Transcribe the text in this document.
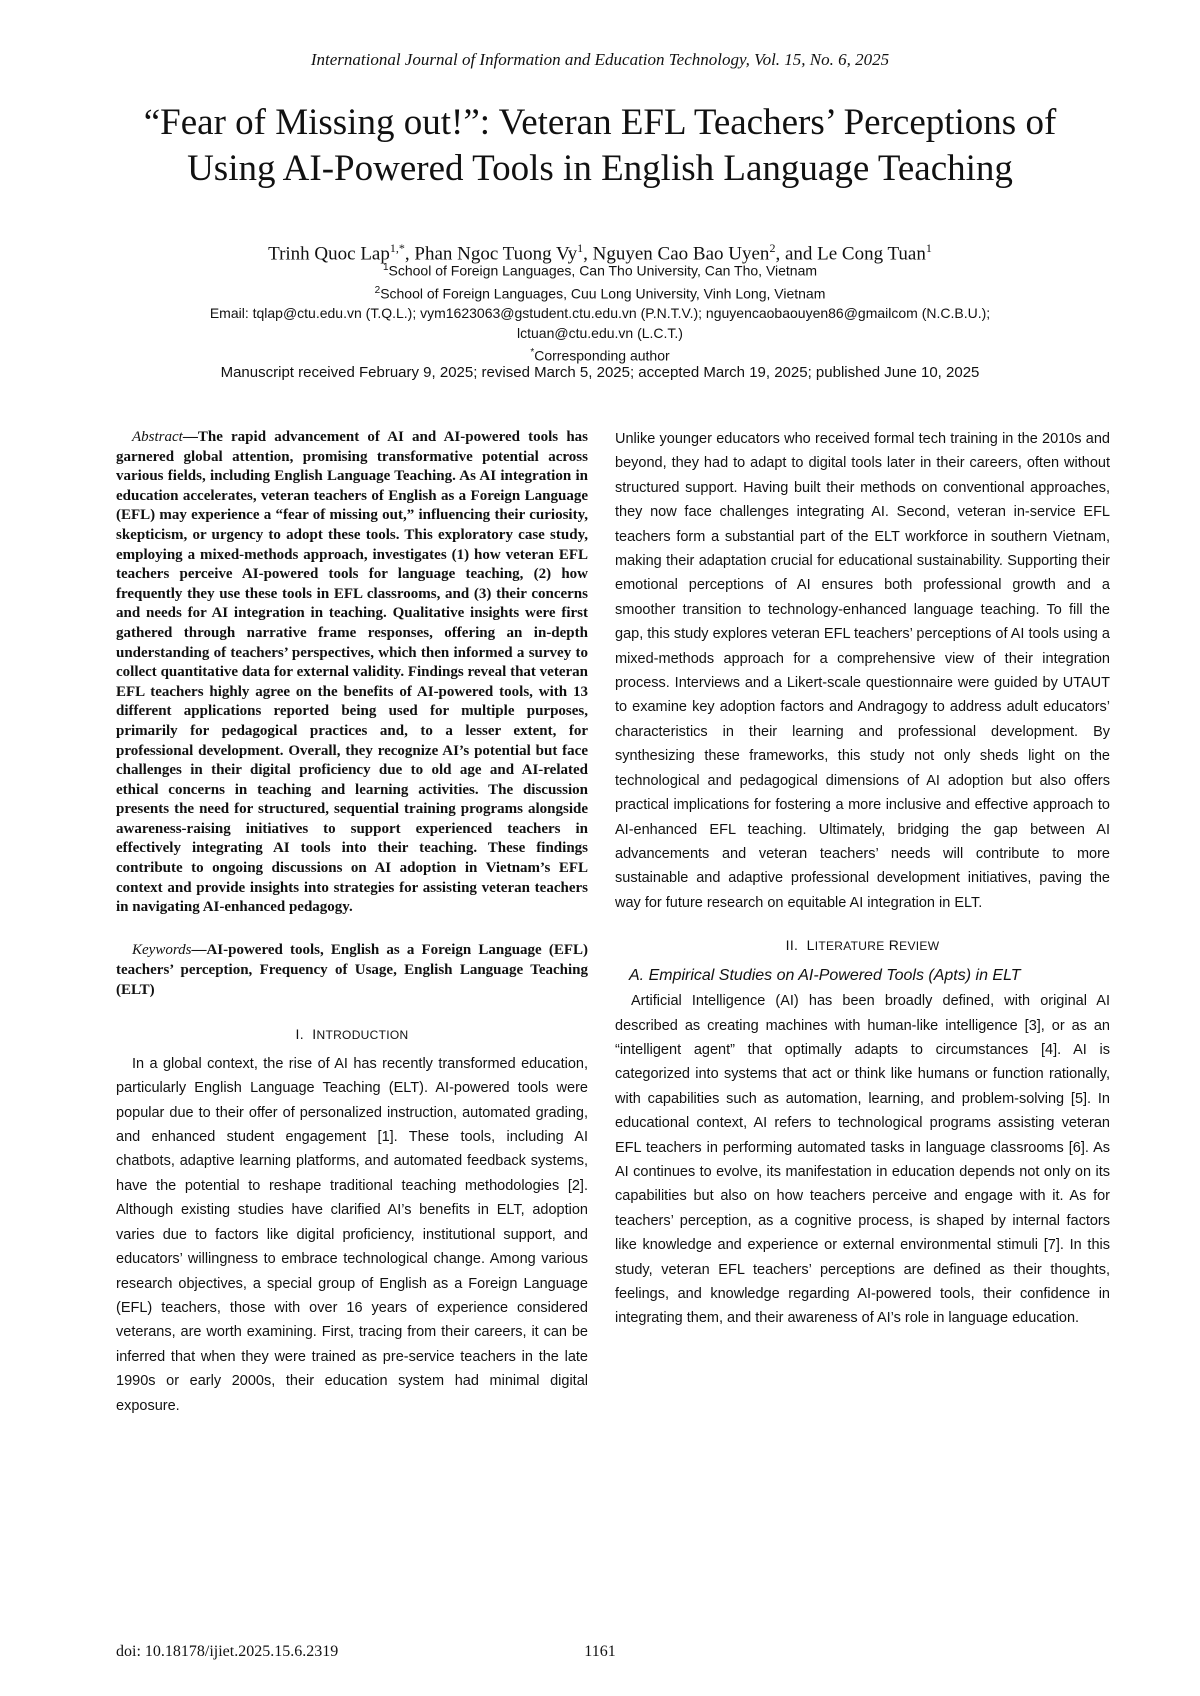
International Journal of Information and Education Technology, Vol. 15, No. 6, 2025
“Fear of Missing out!”: Veteran EFL Teachers’ Perceptions of
Using AI-Powered Tools in English Language Teaching
Trinh Quoc Lap$^{1,*}$, Phan Ngoc Tuong Vy$^1$, Nguyen Cao Bao Uyen$^2$, and Le Cong Tuan$^1$
$^1$School of Foreign Languages, Can Tho University, Can Tho, Vietnam
$^2$School of Foreign Languages, Cuu Long University, Vinh Long, Vietnam
Email: tqlap@ctu.edu.vn (T.Q.L.); vym1623063@gstudent.ctu.edu.vn (P.N.T.V.); nguyencaobaouyen86@gmailcom (N.C.B.U.);
lctuan@ctu.edu.vn (L.C.T.)
*Corresponding author
Manuscript received February 9, 2025; revised March 5, 2025; accepted March 19, 2025; published June 10, 2025

Abstract—The rapid advancement of AI and AI-powered tools has garnered global attention, promising transformative potential across various fields, including English Language Teaching. As AI integration in education accelerates, veteran teachers of English as a Foreign Language (EFL) may experience a “fear of missing out,” influencing their curiosity, skepticism, or urgency to adopt these tools. This exploratory case study, employing a mixed-methods approach, investigates (1) how veteran EFL teachers perceive AI-powered tools for language teaching, (2) how frequently they use these tools in EFL classrooms, and (3) their concerns and needs for AI integration in teaching. Qualitative insights were first gathered through narrative frame responses, offering an in-depth understanding of teachers’ perspectives, which then informed a survey to collect quantitative data for external validity. Findings reveal that veteran EFL teachers highly agree on the benefits of AI-powered tools, with 13 different applications reported being used for multiple purposes, primarily for pedagogical practices and, to a lesser extent, for professional development. Overall, they recognize AI’s potential but face challenges in their digital proficiency due to old age and AI-related ethical concerns in teaching and learning activities. The discussion presents the need for structured, sequential training programs alongside awareness-raising initiatives to support experienced teachers in effectively integrating AI tools into their teaching. These findings contribute to ongoing discussions on AI adoption in Vietnam’s EFL context and provide insights into strategies for assisting veteran teachers in navigating AI-enhanced pedagogy.

Keywords—AI-powered tools, English as a Foreign Language (EFL) teachers’ perception, Frequency of Usage, English Language Teaching (ELT)

I. INTRODUCTION

In a global context, the rise of AI has recently transformed education, particularly English Language Teaching (ELT). AI-powered tools were popular due to their offer of personalized instruction, automated grading, and enhanced student engagement [1]. These tools, including AI chatbots, adaptive learning platforms, and automated feedback systems, have the potential to reshape traditional teaching methodologies [2]. Although existing studies have clarified AI’s benefits in ELT, adoption varies due to factors like digital proficiency, institutional support, and educators’ willingness to embrace technological change. Among various research objectives, a special group of English as a Foreign Language (EFL) teachers, those with over 16 years of experience considered veterans, are worth examining. First, tracing from their careers, it can be inferred that when they were trained as pre-service teachers in the late 1990s or early 2000s, their education system had minimal digital exposure.

Unlike younger educators who received formal tech training in the 2010s and beyond, they had to adapt to digital tools later in their careers, often without structured support. Having built their methods on conventional approaches, they now face challenges integrating AI. Second, veteran in-service EFL teachers form a substantial part of the ELT workforce in southern Vietnam, making their adaptation crucial for educational sustainability. Supporting their emotional perceptions of AI ensures both professional growth and a smoother transition to technology-enhanced language teaching. To fill the gap, this study explores veteran EFL teachers’ perceptions of AI tools using a mixed-methods approach for a comprehensive view of their integration process. Interviews and a Likert-scale questionnaire were guided by UTAUT to examine key adoption factors and Andragogy to address adult educators’ characteristics in their learning and professional development. By synthesizing these frameworks, this study not only sheds light on the technological and pedagogical dimensions of AI adoption but also offers practical implications for fostering a more inclusive and effective approach to AI-enhanced EFL teaching. Ultimately, bridging the gap between AI advancements and veteran teachers’ needs will contribute to more sustainable and adaptive professional development initiatives, paving the way for future research on equitable AI integration in ELT.

II. LITERATURE REVIEW

A. Empirical Studies on AI-Powered Tools (Apts) in ELT

Artificial Intelligence (AI) has been broadly defined, with original AI described as creating machines with human-like intelligence [3], or as an “intelligent agent” that optimally adapts to circumstances [4]. AI is categorized into systems that act or think like humans or function rationally, with capabilities such as automation, learning, and problem-solving [5]. In educational context, AI refers to technological programs assisting veteran EFL teachers in performing automated tasks in language classrooms [6]. As AI continues to evolve, its manifestation in education depends not only on its capabilities but also on how teachers perceive and engage with it. As for teachers’ perception, as a cognitive process, is shaped by internal factors like knowledge and experience or external environmental stimuli [7]. In this study, veteran EFL teachers’ perceptions are defined as their thoughts, feelings, and knowledge regarding AI-powered tools, their confidence in integrating them, and their awareness of AI’s role in language education.

doi: 10.18178/ijiet.2025.15.6.2319	1161
